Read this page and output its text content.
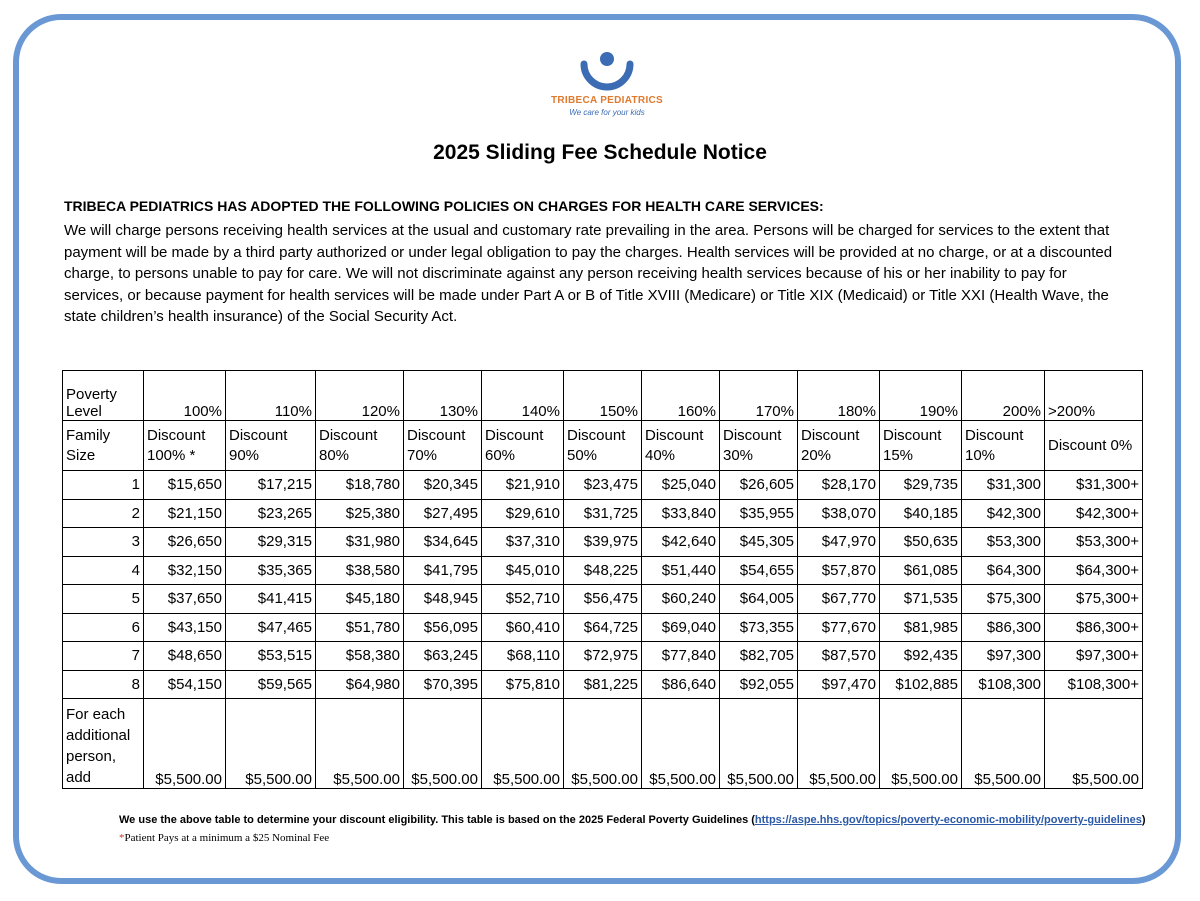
TRIBECA PEDIATRICS
We care for your kids
2025 Sliding Fee Schedule Notice
TRIBECA PEDIATRICS HAS ADOPTED THE FOLLOWING POLICIES ON CHARGES FOR HEALTH CARE SERVICES:
We will charge persons receiving health services at the usual and customary rate prevailing in the area. Persons will be charged for services to the extent that payment will be made by a third party authorized or under legal obligation to pay the charges. Health services will be provided at no charge, or at a discounted charge, to persons unable to pay for care. We will not discriminate against any person receiving health services because of his or her inability to pay for services, or because payment for health services will be made under Part A or B of Title XVIII (Medicare) or Title XIX (Medicaid) or Title XXI (Health Wave, the state children’s health insurance) of the Social Security Act.
Poverty Level	100%	110%	120%	130%	140%	150%	160%	170%	180%	190%	200%	>200%
Family Size	Discount 100% *	Discount 90%	Discount 80%	Discount 70%	Discount 60%	Discount 50%	Discount 40%	Discount 30%	Discount 20%	Discount 15%	Discount 10%	Discount 0%
1	$15,650	$17,215	$18,780	$20,345	$21,910	$23,475	$25,040	$26,605	$28,170	$29,735	$31,300	$31,300+
2	$21,150	$23,265	$25,380	$27,495	$29,610	$31,725	$33,840	$35,955	$38,070	$40,185	$42,300	$42,300+
3	$26,650	$29,315	$31,980	$34,645	$37,310	$39,975	$42,640	$45,305	$47,970	$50,635	$53,300	$53,300+
4	$32,150	$35,365	$38,580	$41,795	$45,010	$48,225	$51,440	$54,655	$57,870	$61,085	$64,300	$64,300+
5	$37,650	$41,415	$45,180	$48,945	$52,710	$56,475	$60,240	$64,005	$67,770	$71,535	$75,300	$75,300+
6	$43,150	$47,465	$51,780	$56,095	$60,410	$64,725	$69,040	$73,355	$77,670	$81,985	$86,300	$86,300+
7	$48,650	$53,515	$58,380	$63,245	$68,110	$72,975	$77,840	$82,705	$87,570	$92,435	$97,300	$97,300+
8	$54,150	$59,565	$64,980	$70,395	$75,810	$81,225	$86,640	$92,055	$97,470	$102,885	$108,300	$108,300+
For each additional person, add	$5,500.00	$5,500.00	$5,500.00	$5,500.00	$5,500.00	$5,500.00	$5,500.00	$5,500.00	$5,500.00	$5,500.00	$5,500.00	$5,500.00
We use the above table to determine your discount eligibility. This table is based on the 2025 Federal Poverty Guidelines (https://aspe.hhs.gov/topics/poverty-economic-mobility/poverty-guidelines)
*Patient Pays at a minimum a $25 Nominal Fee
